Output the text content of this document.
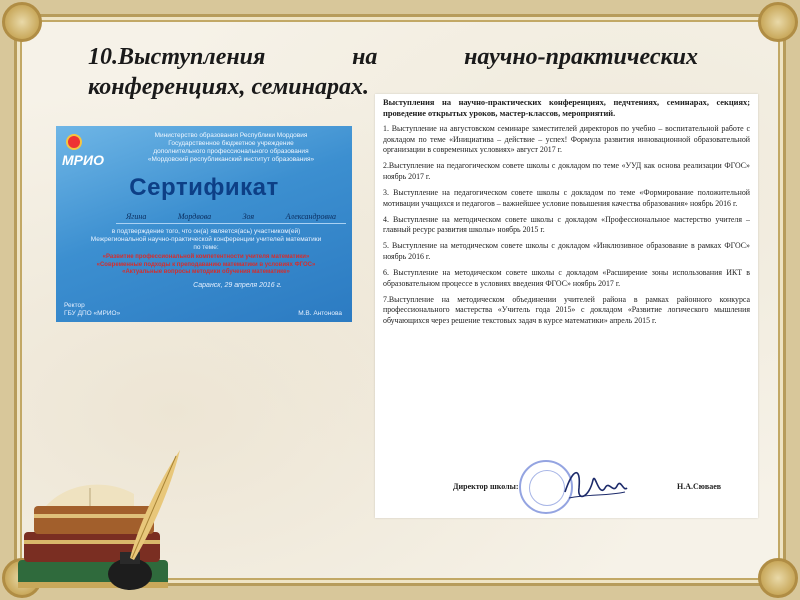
10.Выступления	на	научно-практических
конференциях, семинарах.
МРИО
Министерство образования Республики Мордовия
Государственное бюджетное учреждение
дополнительного профессионального образования
«Мордовский республиканский институт образования»
Сертификат
Ягина	Мордвова	Зоя	Александровна
в подтверждение того, что он(а) является(ась) участником(ей)
Межрегиональной научно-практической конференции учителей математики
по теме:
«Развитие профессиональной компетентности учителя математики»
«Современные подходы к преподаванию математики в условиях ФГОС»
«Актуальные вопросы методики обучения математике»
Саранск, 29 апреля 2016 г.
Ректор
ГБУ ДПО «МРИО»	М.В. Антонова
Выступления на научно-практических конференциях, педчтениях, семинарах, секциях; проведение открытых уроков, мастер-классов, мероприятий.
1. Выступление на августовском семинаре заместителей директоров по учебно – воспитательной работе с докладом по теме «Инициатива – действие – успех! Формула развития инновационной образовательной организации в современных условиях» август 2017 г.
2.Выступление на педагогическом совете школы с докладом по теме «УУД как основа реализации ФГОС» ноябрь 2017 г.
3. Выступление на педагогическом совете школы с докладом по теме «Формирование положительной мотивации учащихся и педагогов – важнейшее условие повышения качества образования» ноябрь 2016 г.
4. Выступление на методическом совете школы с докладом «Профессиональное мастерство учителя – главный ресурс развития школы» ноябрь 2015 г.
5. Выступление на методическом совете школы с докладом «Инклюзивное образование в рамках ФГОС» ноябрь 2016 г.
6. Выступление на методическом совете школы с докладом «Расширение зоны использования ИКТ в образовательном процессе в условиях введения ФГОС» ноябрь 2017 г.
7.Выступление на методическом объединении учителей района в рамках районного конкурса профессионального мастерства «Учитель года 2015» с докладом «Развитие логического мышления обучающихся через решение текстовых задач в курсе математики» апрель 2015 г.
Директор школы:	Н.А.Сюваев
